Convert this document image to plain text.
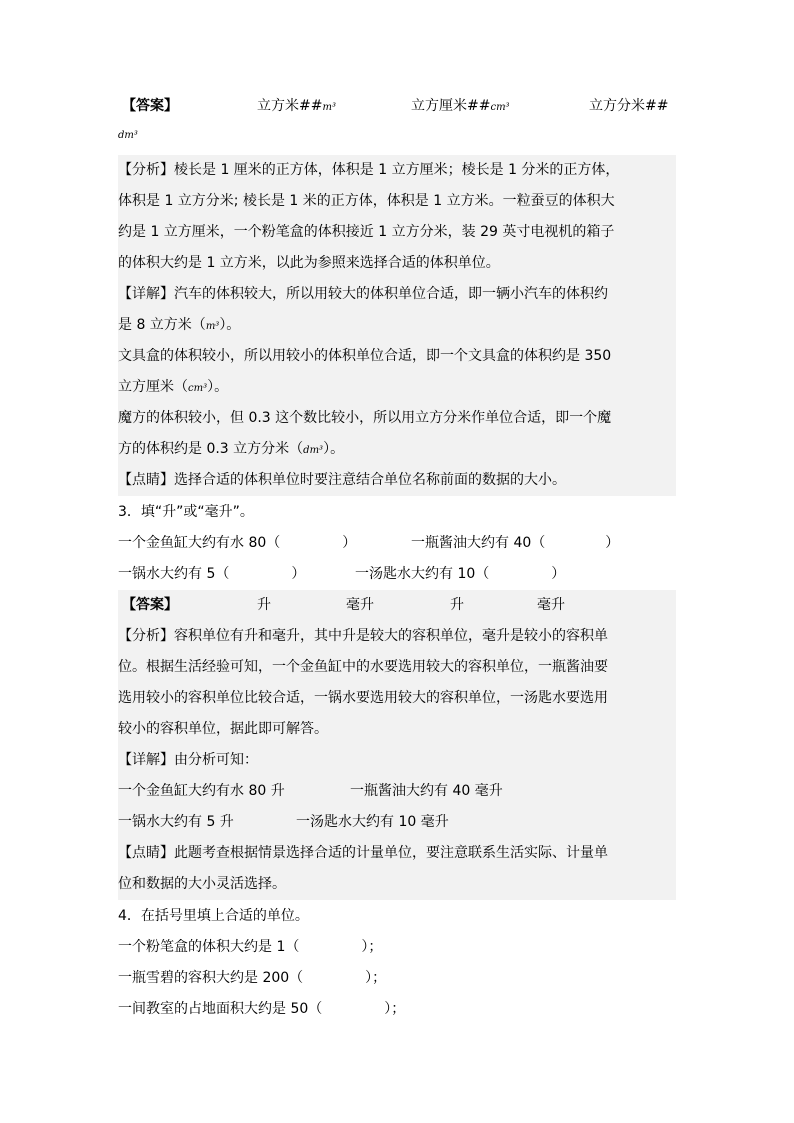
【答案】	立方米##m³	立方厘米##cm³	立方分米##
dm³
【分析】棱长是 1 厘米的正方体，体积是 1 立方厘米；棱长是 1 分米的正方体，
体积是 1 立方分米; 棱长是 1 米的正方体，体积是 1 立方米。一粒蚕豆的体积大
约是 1 立方厘米，一个粉笔盒的体积接近 1 立方分米，装 29 英寸电视机的箱子
的体积大约是 1 立方米，以此为参照来选择合适的体积单位。
【详解】汽车的体积较大，所以用较大的体积单位合适，即一辆小汽车的体积约
是 8 立方米（m³）。
文具盒的体积较小，所以用较小的体积单位合适，即一个文具盒的体积约是 350
立方厘米（cm³）。
魔方的体积较小，但 0.3 这个数比较小，所以用立方分米作单位合适，即一个魔
方的体积约是 0.3 立方分米（dm³）。
【点睛】选择合适的体积单位时要注意结合单位名称前面的数据的大小。
3．填“升”或“毫升”。
一个金鱼缸大约有水 80（	）	一瓶酱油大约有 40（	）
一锅水大约有 5（	）	一汤匙水大约有 10（	）
【答案】	升	毫升	升	毫升
【分析】容积单位有升和毫升，其中升是较大的容积单位，毫升是较小的容积单
位。根据生活经验可知，一个金鱼缸中的水要选用较大的容积单位，一瓶酱油要
选用较小的容积单位比较合适，一锅水要选用较大的容积单位，一汤匙水要选用
较小的容积单位，据此即可解答。
【详解】由分析可知：
一个金鱼缸大约有水 80 升	一瓶酱油大约有 40 毫升
一锅水大约有 5 升	一汤匙水大约有 10 毫升
【点睛】此题考查根据情景选择合适的计量单位，要注意联系生活实际、计量单
位和数据的大小灵活选择。
4．在括号里填上合适的单位。
一个粉笔盒的体积大约是 1（	）；
一瓶雪碧的容积大约是 200（	）；
一间教室的占地面积大约是 50（	）；
